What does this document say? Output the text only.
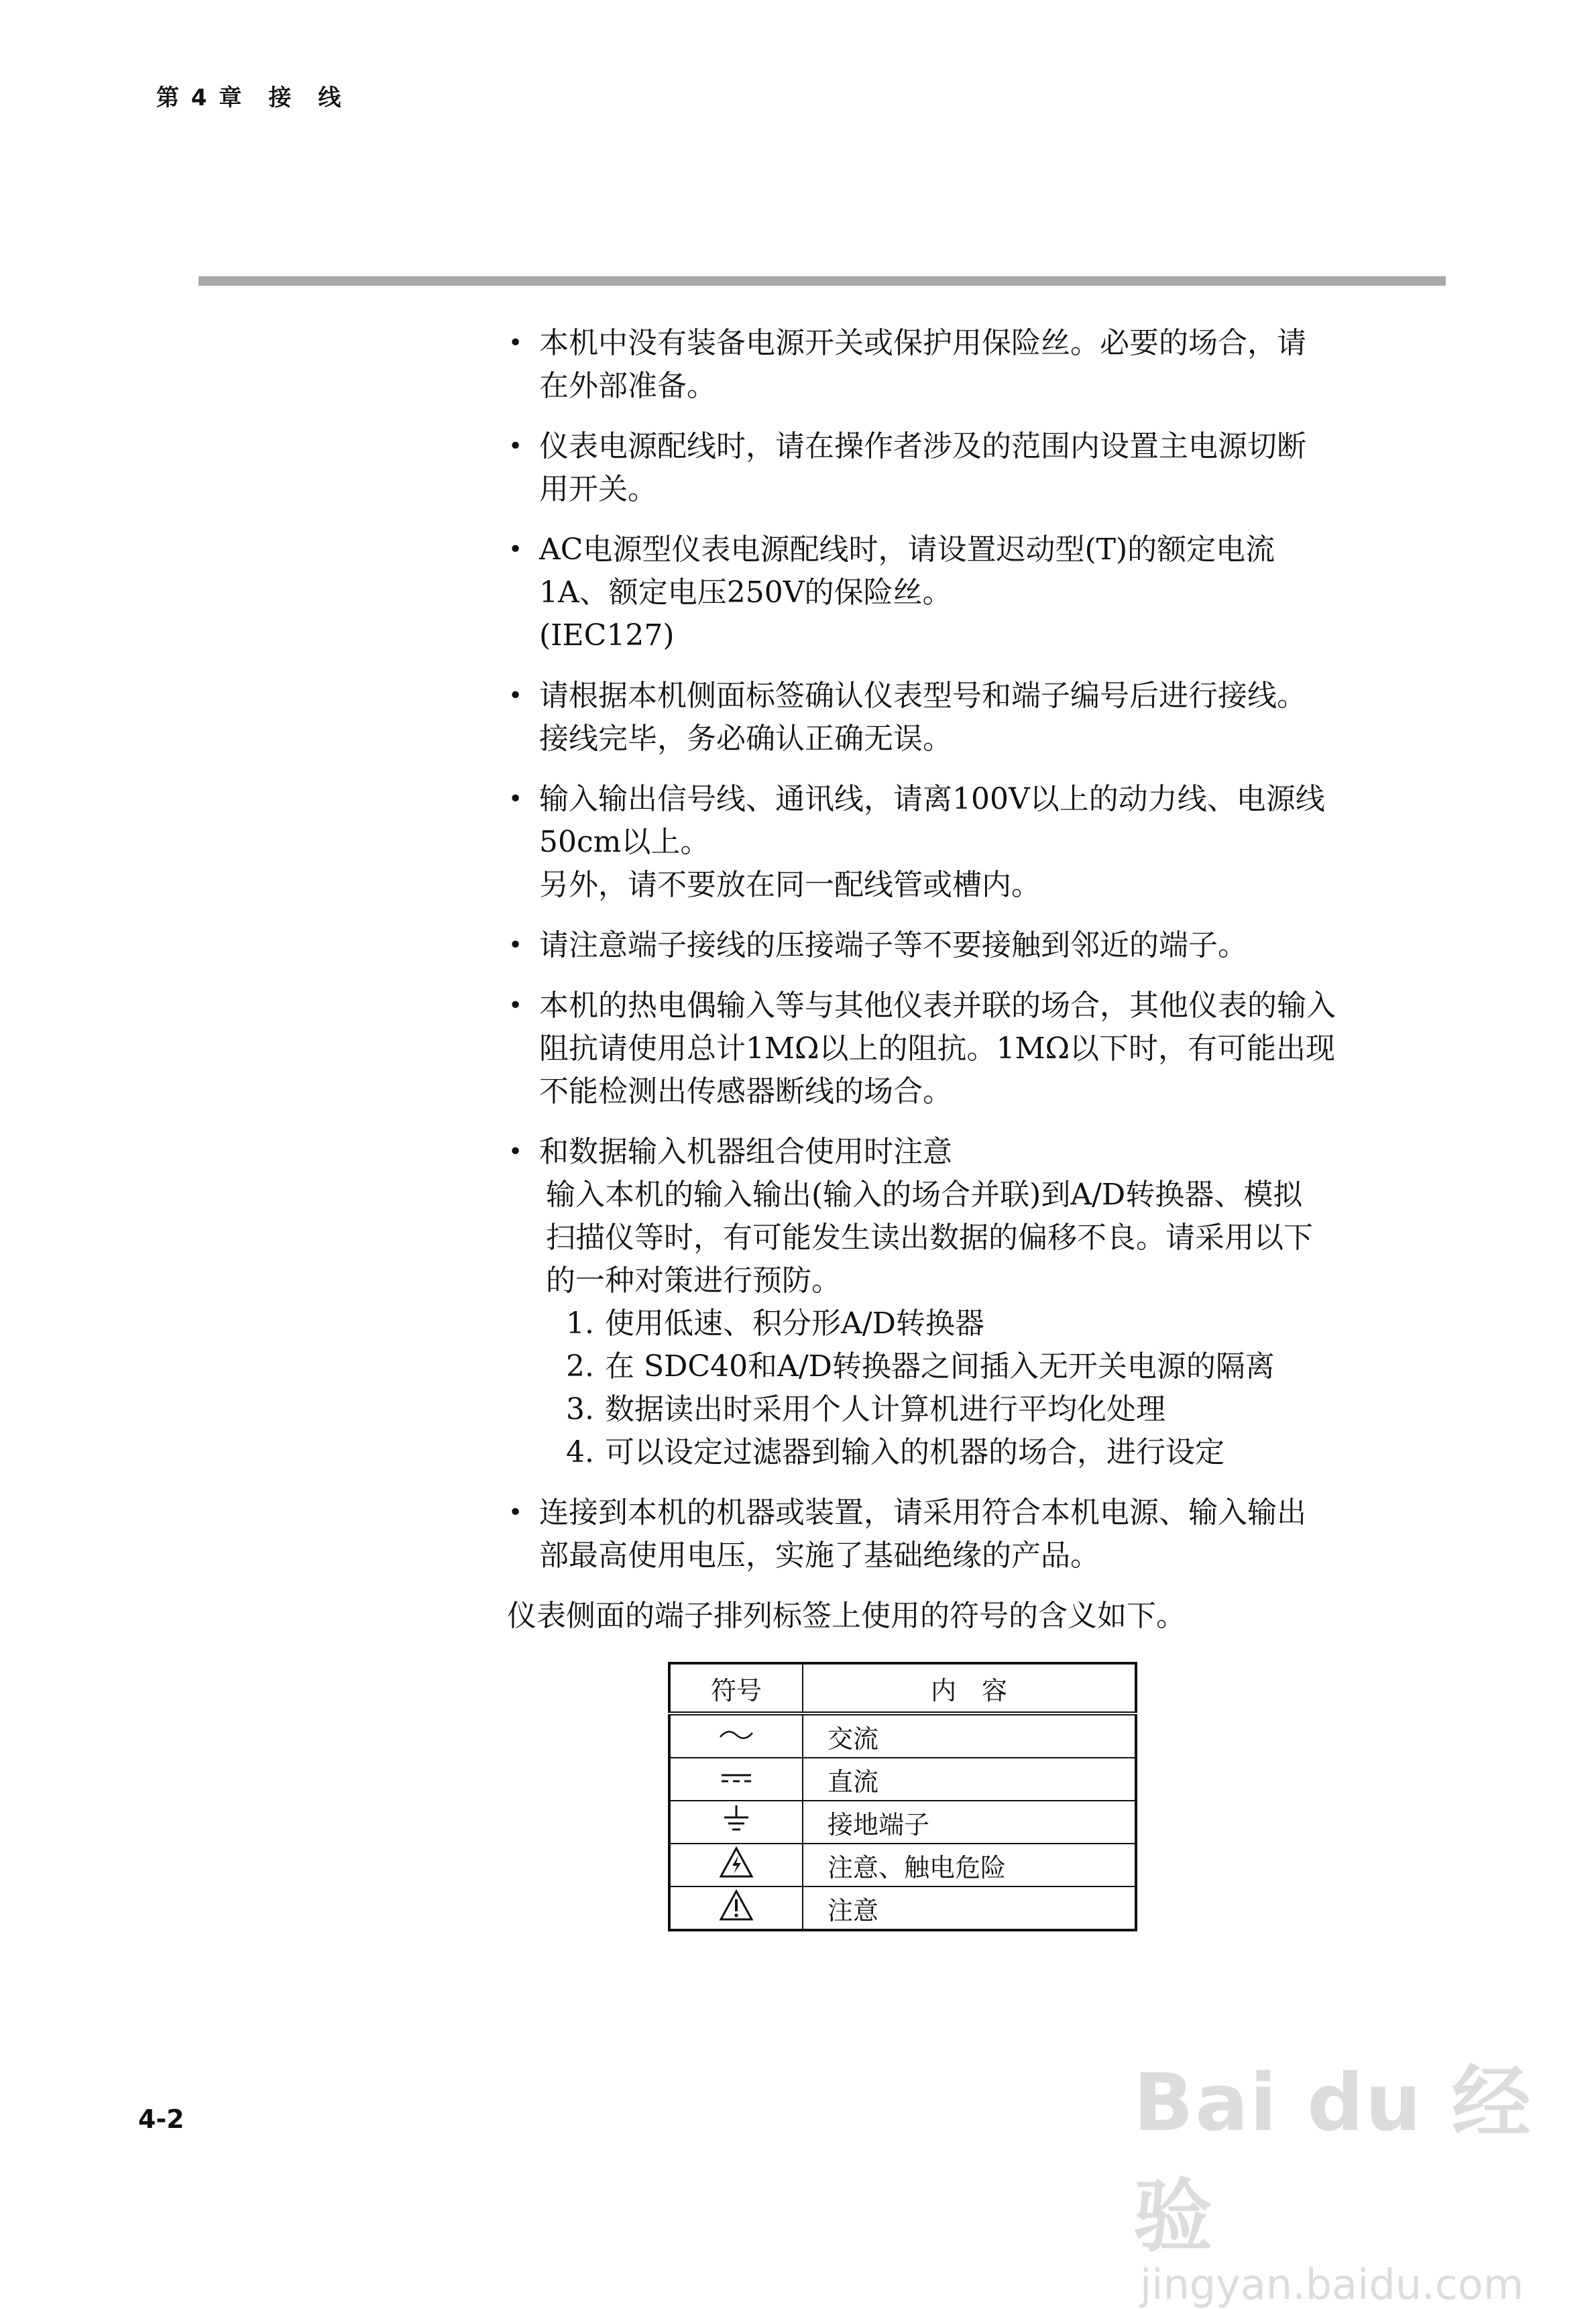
第 4 章　接　线
• 本机中没有装备电源开关或保护用保险丝。必要的场合，请
在外部准备。
• 仪表电源配线时，请在操作者涉及的范围内设置主电源切断
用开关。
• AC电源型仪表电源配线时，请设置迟动型(T)的额定电流
1A、额定电压250V的保险丝。
(IEC127)
• 请根据本机侧面标签确认仪表型号和端子编号后进行接线。
接线完毕，务必确认正确无误。
• 输入输出信号线、通讯线，请离100V以上的动力线、电源线
50cm以上。
另外，请不要放在同一配线管或槽内。
• 请注意端子接线的压接端子等不要接触到邻近的端子。
• 本机的热电偶输入等与其他仪表并联的场合，其他仪表的输入
阻抗请使用总计1MΩ以上的阻抗。1MΩ以下时，有可能出现
不能检测出传感器断线的场合。
• 和数据输入机器组合使用时注意
输入本机的输入输出(输入的场合并联)到A/D转换器、模拟
扫描仪等时，有可能发生读出数据的偏移不良。请采用以下
的一种对策进行预防。
1. 使用低速、积分形A/D转换器
2. 在 SDC40和A/D转换器之间插入无开关电源的隔离
3. 数据读出时采用个人计算机进行平均化处理
4. 可以设定过滤器到输入的机器的场合，进行设定
• 连接到本机的机器或装置，请采用符合本机电源、输入输出
部最高使用电压，实施了基础绝缘的产品。
仪表侧面的端子排列标签上使用的符号的含义如下。
符号	内　容
	交流
	直流
	接地端子
	注意、触电危险
	注意
4-2	Bai du 经验
jingyan.baidu.com
